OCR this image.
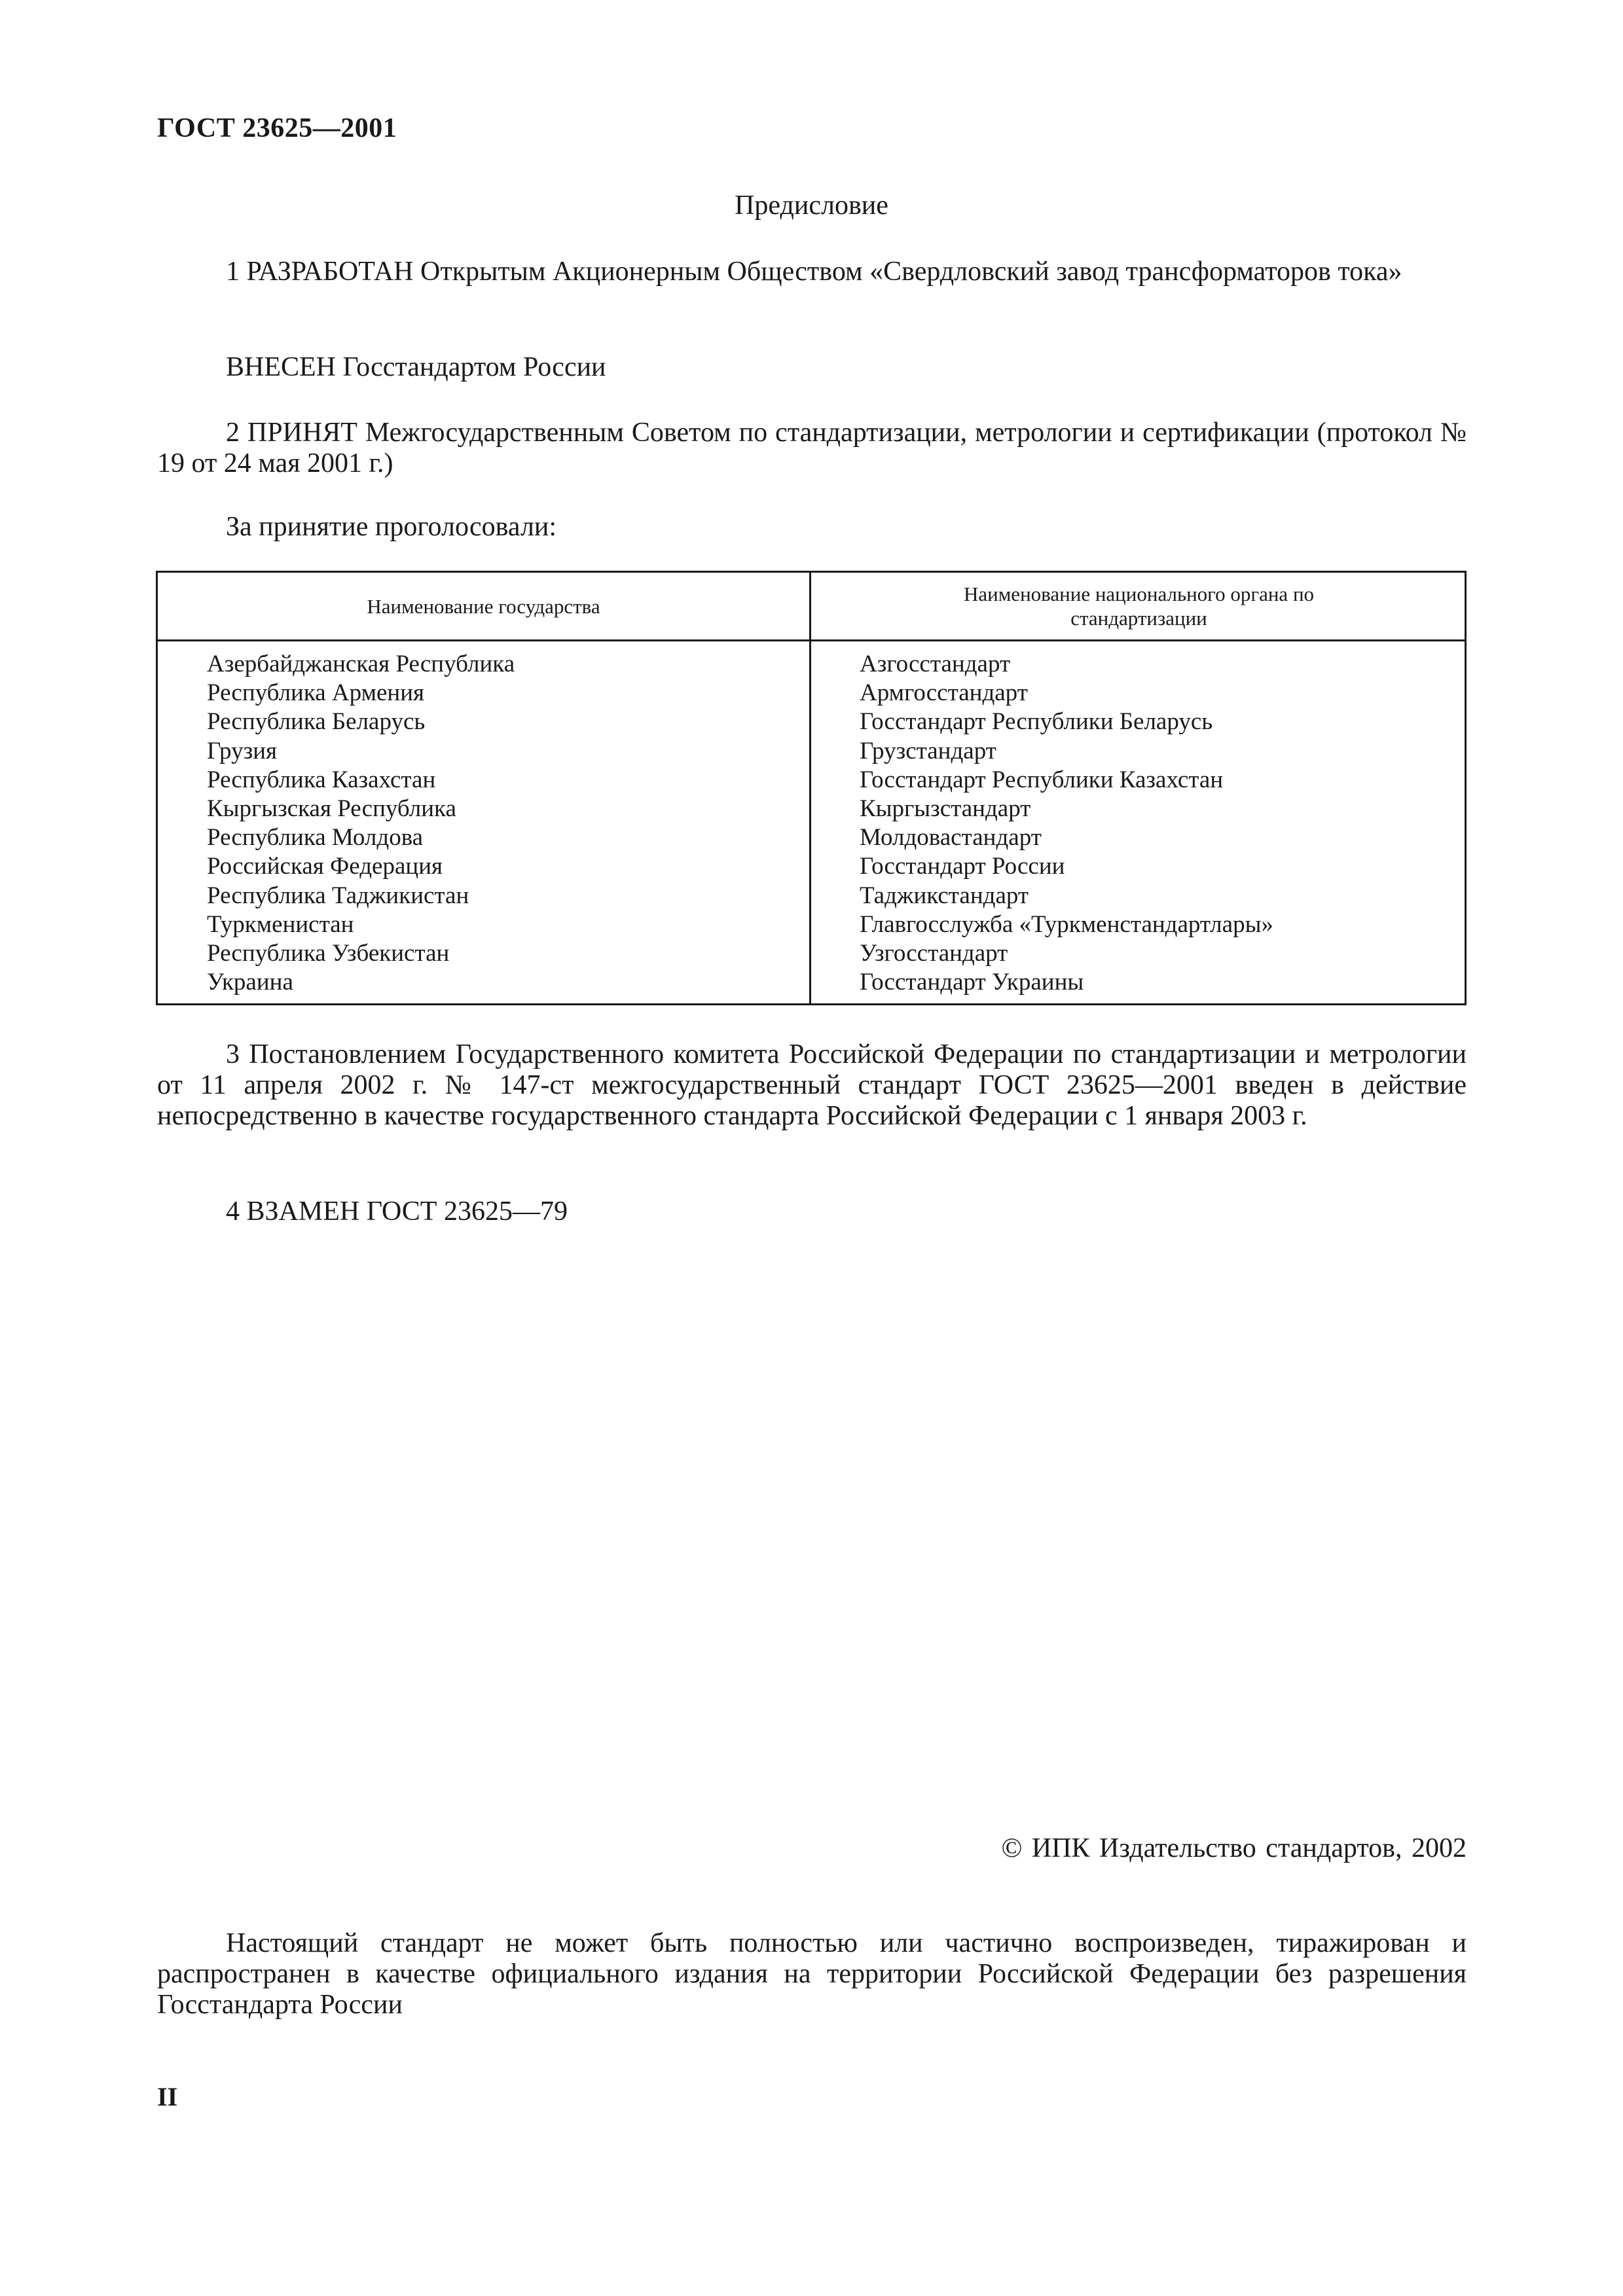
ГОСТ 23625—2001
Предисловие

1 РАЗРАБОТАН Открытым Акционерным Обществом «Свердловский завод трансформаторов тока»

ВНЕСЕН Госстандартом России

2 ПРИНЯТ Межгосударственным Советом по стандартизации, метрологии и сертификации (протокол № 19 от 24 мая 2001 г.)

За принятие проголосовали:
Наименование государства
Наименование национального органа по стандартизации
Азербайджанская Республика
Республика Армения
Республика Беларусь
Грузия
Республика Казахстан
Кыргызская Республика
Республика Молдова
Российская Федерация
Республика Таджикистан
Туркменистан
Республика Узбекистан
Украина
Азгосстандарт
Армгосстандарт
Госстандарт Республики Беларусь
Грузстандарт
Госстандарт Республики Казахстан
Кыргызстандарт
Молдовастандарт
Госстандарт России
Таджикстандарт
Главгосслужба «Туркменстандартлары»
Узгосстандарт
Госстандарт Украины

3 Постановлением Государственного комитета Российской Федерации по стандартизации и метрологии от 11 апреля 2002 г. № 147-ст межгосударственный стандарт ГОСТ 23625—2001 введен в действие непосредственно в качестве государственного стандарта Российской Федерации с 1 января 2003 г.

4 ВЗАМЕН ГОСТ 23625—79
© ИПК Издательство стандартов, 2002

Настоящий стандарт не может быть полностью или частично воспроизведен, тиражирован и распространен в качестве официального издания на территории Российской Федерации без разрешения Госстандарта России

II
